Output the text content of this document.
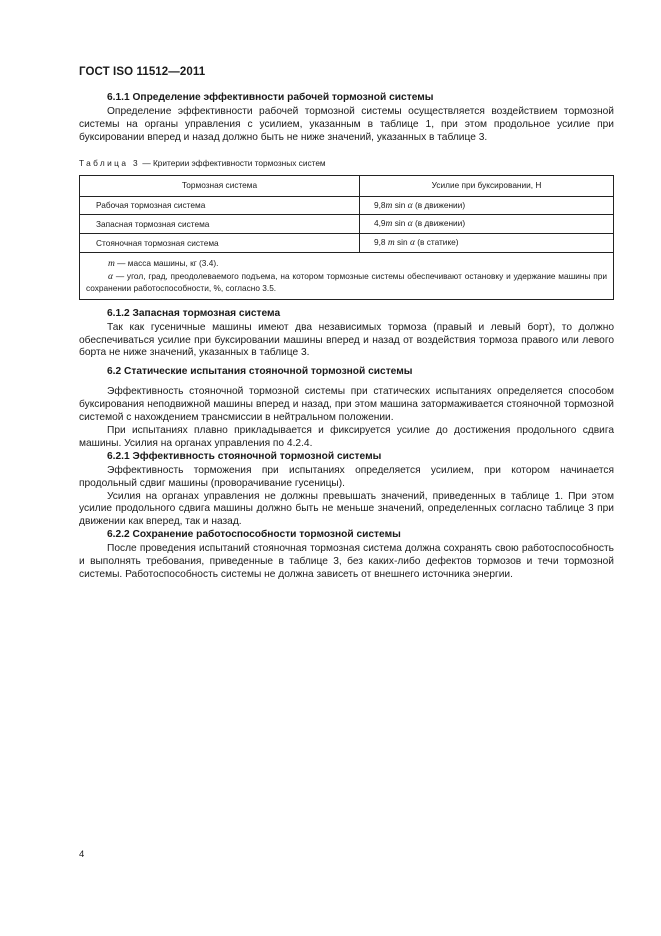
ГОСТ ISO 11512—2011
6.1.1 Определение эффективности рабочей тормозной системы

Определение эффективности рабочей тормозной системы осуществляется воздействием тормозной системы на органы управления с усилием, указанным в таблице 1, при этом продольное усилие при буксировании вперед и назад должно быть не ниже значений, указанных в таблице 3.

Таблица 3 — Критерии эффективности тормозных систем
Тормозная система	Усилие при буксировании, Н
Рабочая тормозная система	9,8m sin α (в движении)
Запасная тормозная система	4,9m sin α (в движении)
Стояночная тормозная система	9,8 m sin α (в статике)

m — масса машины, кг (3.4).
α — угол, град, преодолеваемого подъема, на котором тормозные системы обеспечивают остановку и удержание машины при сохранении работоспособности, %, согласно 3.5.	
6.1.2 Запасная тормозная система

Так как гусеничные машины имеют два независимых тормоза (правый и левый борт), то должно обеспечиваться усилие при буксировании машины вперед и назад от воздействия тормоза правого или левого борта не ниже значений, указанных в таблице 3.

6.2 Статические испытания стояночной тормозной системы

Эффективность стояночной тормозной системы при статических испытаниях определяется способом буксирования неподвижной машины вперед и назад, при этом машина затормаживается стояночной тормозной системой с нахождением трансмиссии в нейтральном положении.

При испытаниях плавно прикладывается и фиксируется усилие до достижения продольного сдвига машины. Усилия на органах управления по 4.2.4.

6.2.1 Эффективность стояночной тормозной системы

Эффективность торможения при испытаниях определяется усилием, при котором начинается продольный сдвиг машины (проворачивание гусеницы).

Усилия на органах управления не должны превышать значений, приведенных в таблице 1. При этом усилие продольного сдвига машины должно быть не меньше значений, определенных согласно таблице 3 при движении как вперед, так и назад.

6.2.2 Сохранение работоспособности тормозной системы

После проведения испытаний стояночная тормозная система должна сохранять свою работоспособность и выполнять требования, приведенные в таблице 3, без каких-либо дефектов тормозов и течи тормозной системы. Работоспособность системы не должна зависеть от внешнего источника энергии.

4
